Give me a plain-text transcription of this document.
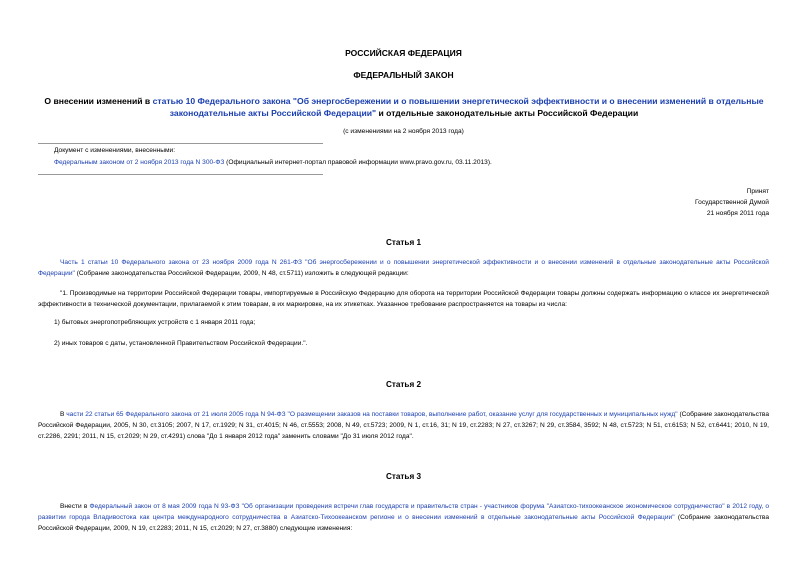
РОССИЙСКАЯ ФЕДЕРАЦИЯ
ФЕДЕРАЛЬНЫЙ ЗАКОН
О внесении изменений в статью 10 Федерального закона "Об энергосбережении и о повышении энергетической эффективности и о внесении изменений в отдельные законодательные акты Российской Федерации" и отдельные законодательные акты Российской Федерации
(с изменениями на 2 ноября 2013 года)
Документ с изменениями, внесенными:
Федеральным законом от 2 ноября 2013 года N 300-ФЗ (Официальный интернет-портал правовой информации www.pravo.gov.ru, 03.11.2013).
Принят
Государственной Думой
21 ноября 2011 года
Статья 1
Часть 1 статьи 10 Федерального закона от 23 ноября 2009 года N 261-ФЗ "Об энергосбережении и о повышении энергетической эффективности и о внесении изменений в отдельные законодательные акты Российской Федерации" (Собрание законодательства Российской Федерации, 2009, N 48, ст.5711) изложить в следующей редакции:
"1. Производимые на территории Российской Федерации товары, импортируемые в Российскую Федерацию для оборота на территории Российской Федерации товары должны содержать информацию о классе их энергетической эффективности в технической документации, прилагаемой к этим товарам, в их маркировке, на их этикетках. Указанное требование распространяется на товары из числа:
1) бытовых энергопотребляющих устройств с 1 января 2011 года;
2) иных товаров с даты, установленной Правительством Российской Федерации.".
Статья 2
В части 22 статьи 65 Федерального закона от 21 июля 2005 года N 94-ФЗ "О размещении заказов на поставки товаров, выполнение работ, оказание услуг для государственных и муниципальных нужд" (Собрание законодательства Российской Федерации, 2005, N 30, ст.3105; 2007, N 17, ст.1929; N 31, ст.4015; N 46, ст.5553; 2008, N 49, ст.5723; 2009, N 1, ст.16, 31; N 19, ст.2283; N 27, ст.3267; N 29, ст.3584, 3592; N 48, ст.5723; N 51, ст.6153; N 52, ст.6441; 2010, N 19, ст.2286, 2291; 2011, N 15, ст.2029; N 29, ст.4291) слова "До 1 января 2012 года" заменить словами "До 31 июля 2012 года".
Статья 3
Внести в Федеральный закон от 8 мая 2009 года N 93-ФЗ "Об организации проведения встречи глав государств и правительств стран - участников форума "Азиатско-тихоокеанское экономическое сотрудничество" в 2012 году, о развитии города Владивостока как центра международного сотрудничества в Азиатско-Тихоокеанском регионе и о внесении изменений в отдельные законодательные акты Российской Федерации" (Собрание законодательства Российской Федерации, 2009, N 19, ст.2283; 2011, N 15, ст.2029; N 27, ст.3880) следующие изменения:
